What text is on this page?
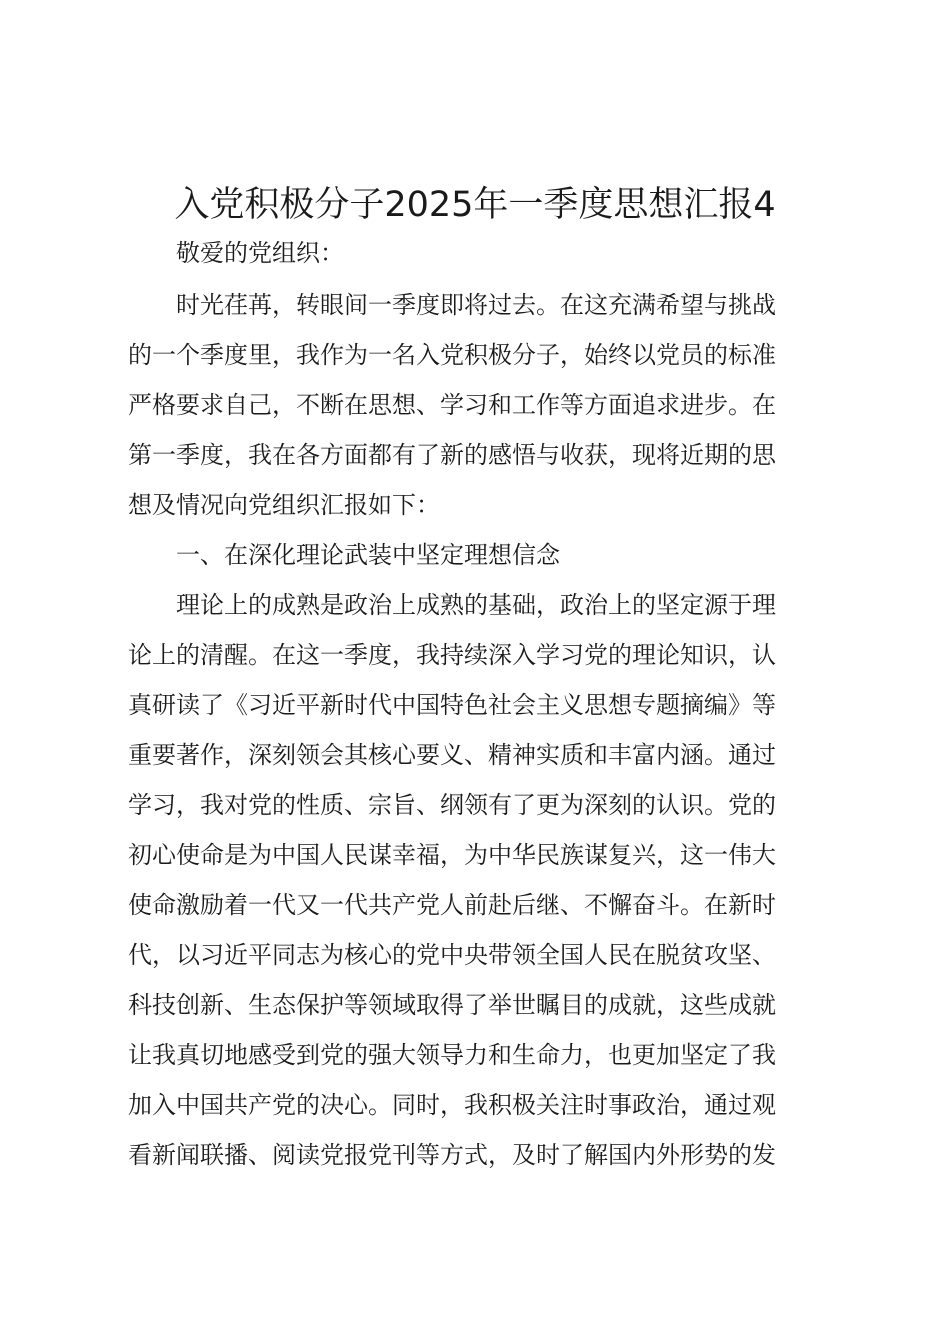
入党积极分子2025年一季度思想汇报4
敬爱的党组织：
时光荏苒，转眼间一季度即将过去。在这充满希望与挑战
的一个季度里，我作为一名入党积极分子，始终以党员的标准
严格要求自己，不断在思想、学习和工作等方面追求进步。在
第一季度，我在各方面都有了新的感悟与收获，现将近期的思
想及情况向党组织汇报如下：
一、在深化理论武装中坚定理想信念
理论上的成熟是政治上成熟的基础，政治上的坚定源于理
论上的清醒。在这一季度，我持续深入学习党的理论知识，认
真研读了《习近平新时代中国特色社会主义思想专题摘编》等
重要著作，深刻领会其核心要义、精神实质和丰富内涵。通过
学习，我对党的性质、宗旨、纲领有了更为深刻的认识。党的
初心使命是为中国人民谋幸福，为中华民族谋复兴，这一伟大
使命激励着一代又一代共产党人前赴后继、不懈奋斗。在新时
代，以习近平同志为核心的党中央带领全国人民在脱贫攻坚、
科技创新、生态保护等领域取得了举世瞩目的成就，这些成就
让我真切地感受到党的强大领导力和生命力，也更加坚定了我
加入中国共产党的决心。同时，我积极关注时事政治，通过观
看新闻联播、阅读党报党刊等方式，及时了解国内外形势的发
